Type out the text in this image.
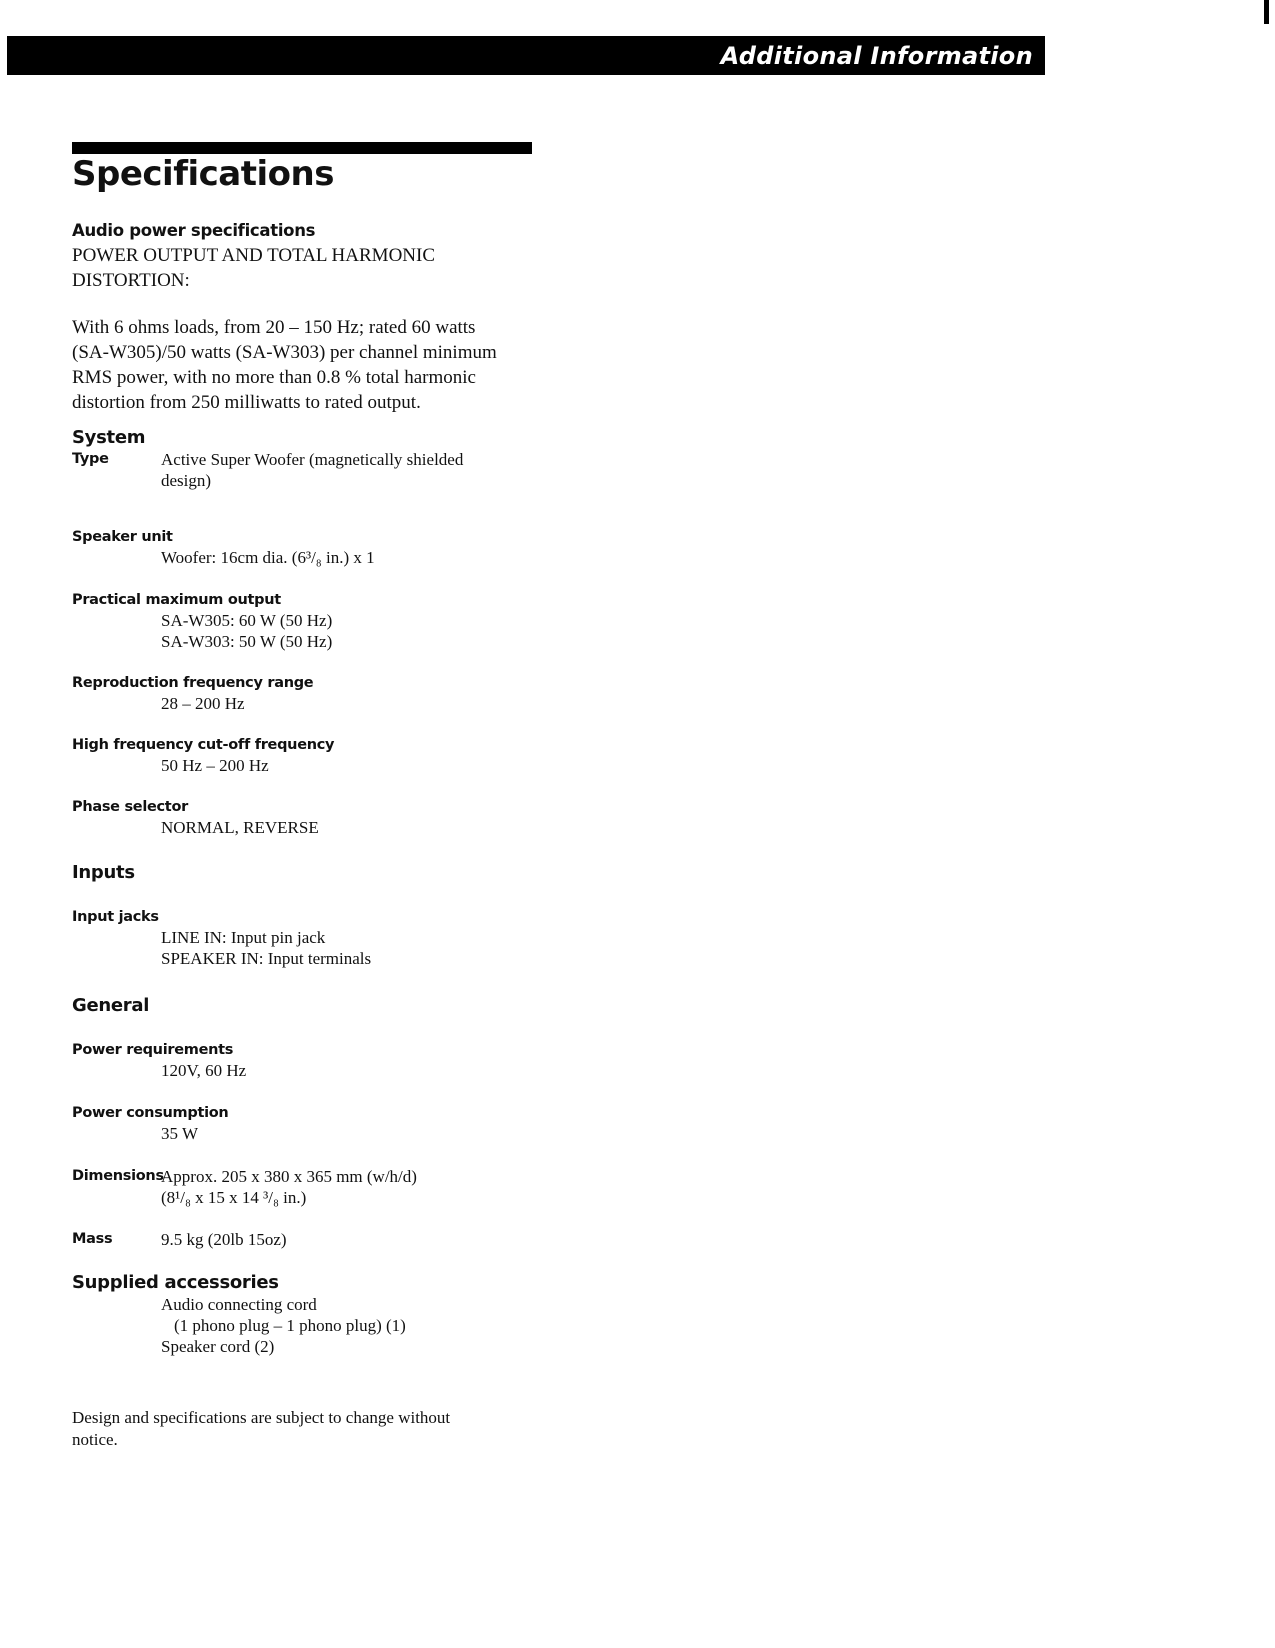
Additional Information
Specifications

Audio power specifications

POWER OUTPUT AND TOTAL HARMONIC

DISTORTION:

With 6 ohms loads, from 20 – 150 Hz; rated 60 watts
(SA-W305)/50 watts (SA-W303) per channel minimum
RMS power, with no more than 0.8 % total harmonic
distortion from 250 milliwatts to rated output.

System

Type	Active Super Woofer (magnetically shielded

design)

Speaker unit

Woofer: 16cm dia. (6³/₈ in.) x 1

Practical maximum output

SA-W305: 60 W (50 Hz)

SA-W303: 50 W (50 Hz)

Reproduction frequency range

28 – 200 Hz

High frequency cut-off frequency

50 Hz – 200 Hz

Phase selector

NORMAL, REVERSE

Inputs

Input jacks

LINE IN: Input pin jack

SPEAKER IN: Input terminals

General

Power requirements

120V, 60 Hz

Power consumption

35 W

Dimensions

Approx. 205 x 380 x 365 mm (w/h/d)

(8¹/₈ x 15 x 14 ³/₈ in.)

Mass	9.5 kg (20lb 15oz)

Supplied accessories

Audio connecting cord

(1 phono plug – 1 phono plug) (1)

Speaker cord (2)

Design and specifications are subject to change without

notice.
